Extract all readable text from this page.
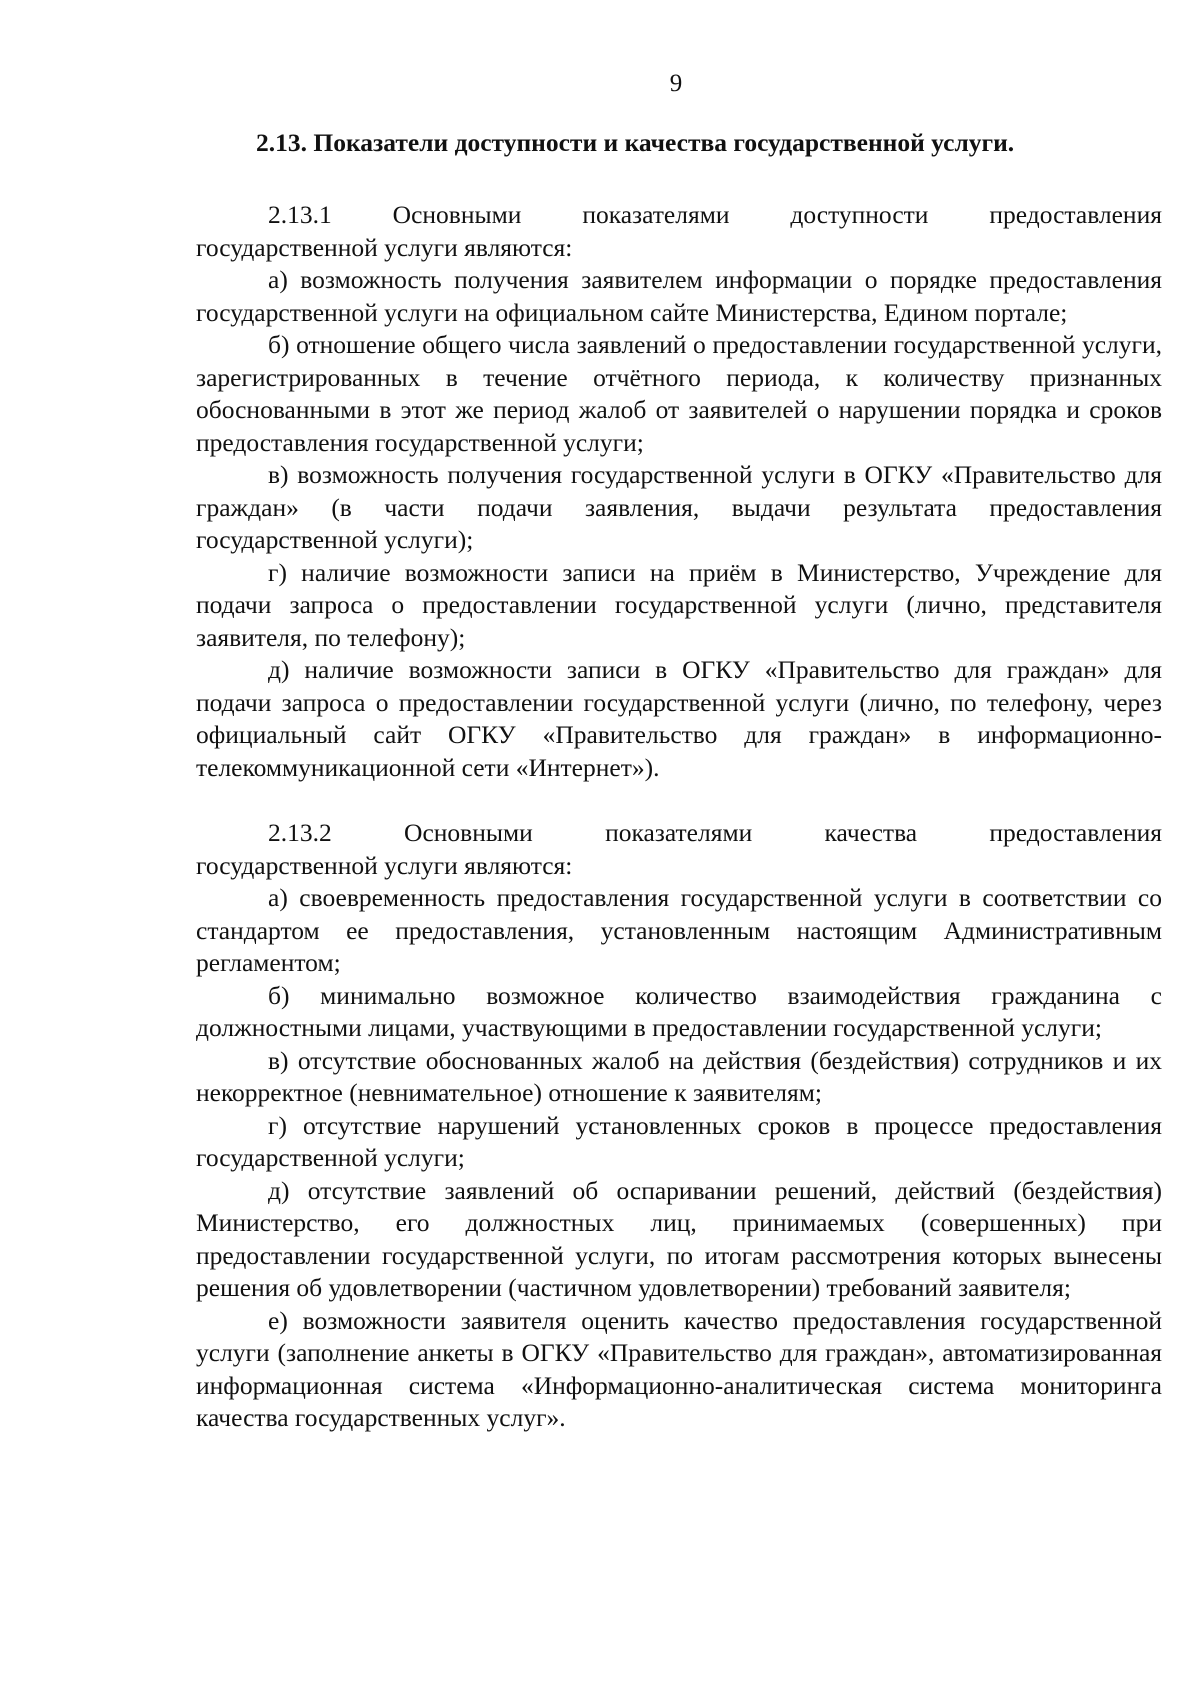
9
2.13. Показатели доступности и качества государственной услуги.
2.13.1 Основными показателями доступности предоставления
государственной услуги являются:

а) возможность получения заявителем информации о порядке предоставления государственной услуги на официальном сайте Министерства, Едином портале;

б) отношение общего числа заявлений о предоставлении государственной услуги, зарегистрированных в течение отчётного периода, к количеству признанных обоснованными в этот же период жалоб от заявителей о нарушении порядка и сроков предоставления государственной услуги;

в) возможность получения государственной услуги в ОГКУ «Правительство для граждан» (в части подачи заявления, выдачи результата предоставления государственной услуги);

г) наличие возможности записи на приём в Министерство, Учреждение для подачи запроса о предоставлении государственной услуги (лично, представителя заявителя, по телефону);

д) наличие возможности записи в ОГКУ «Правительство для граждан» для подачи запроса о предоставлении государственной услуги (лично, по телефону, через официальный сайт ОГКУ «Правительство для граждан» в информационно-телекоммуникационной сети «Интернет»).

2.13.2	Основными	показателями	качества	предоставления
государственной услуги являются:

а) своевременность предоставления государственной услуги в соответствии со стандартом ее предоставления, установленным настоящим Административным регламентом;

б) минимально возможное количество взаимодействия гражданина с должностными лицами, участвующими в предоставлении государственной услуги;

в) отсутствие обоснованных жалоб на действия (бездействия) сотрудников и их некорректное (невнимательное) отношение к заявителям;

г) отсутствие нарушений установленных сроков в процессе предоставления государственной услуги;

д) отсутствие заявлений об оспаривании решений, действий (бездействия) Министерство, его должностных лиц, принимаемых (совершенных) при предоставлении государственной услуги, по итогам рассмотрения которых вынесены решения об удовлетворении (частичном удовлетворении) требований заявителя;

е) возможности заявителя оценить качество предоставления государственной услуги (заполнение анкеты в ОГКУ «Правительство для граждан», автоматизированная информационная система «Информационно-аналитическая система мониторинга качества государственных услуг».
